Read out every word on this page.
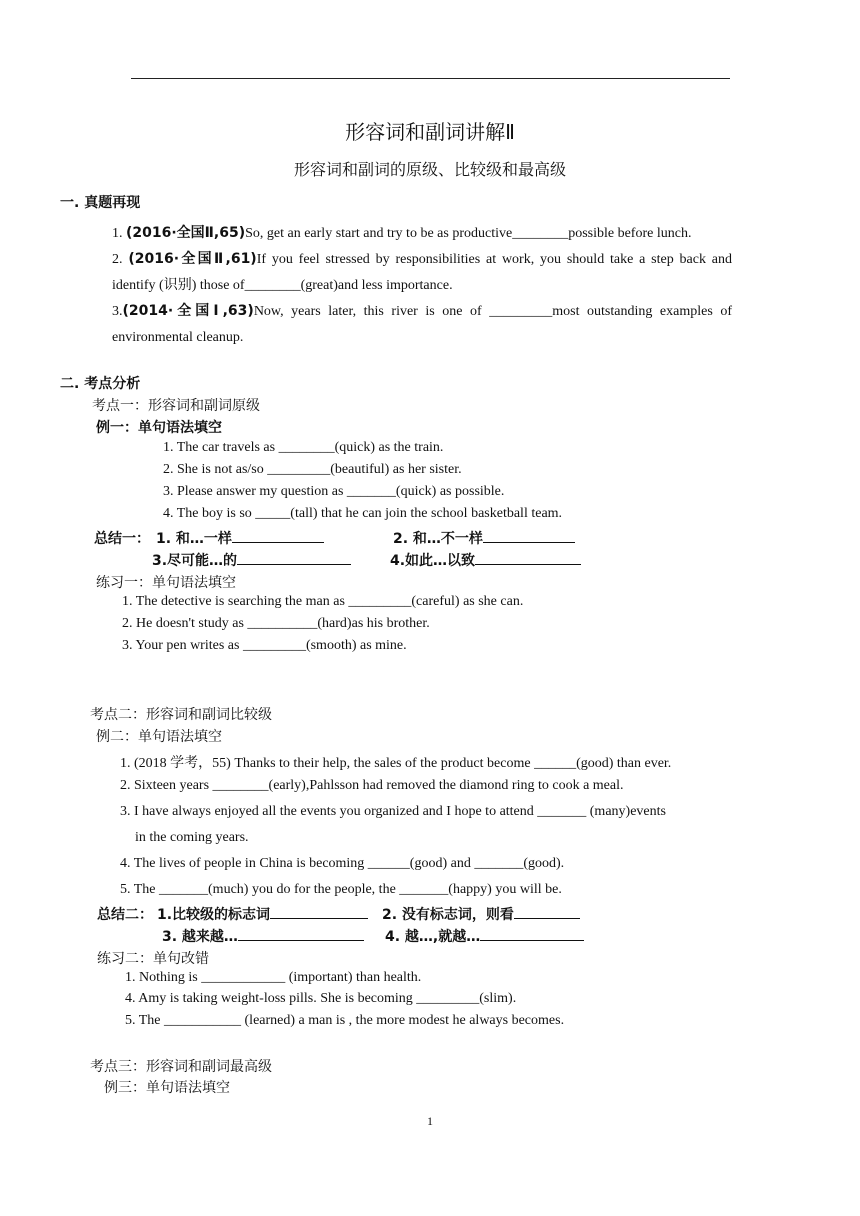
形容词和副词讲解Ⅱ
形容词和副词的原级、比较级和最高级
一. 真题再现
1. (2016·全国Ⅱ,65)So, get an early start and try to be as productive________possible before lunch.
2. (2016·全国Ⅱ,61)If you feel stressed by responsibilities at work, you should take a step back and identify (识别) those of________(great)and less importance.
3.(2014·全国Ⅰ,63)Now, years later, this river is one of _________most outstanding examples of environmental cleanup.
二. 考点分析
考点一：形容词和副词原级
例一：单句语法填空
1. The car travels as ________(quick) as the train.
2. She is not as/so _________(beautiful) as her sister.
3. Please answer my question as _______(quick) as possible.
4. The boy is so _____(tall) that he can join the school basketball team.
总结一： 1. 和…一样	2. 和…不一样
3.尽可能…的	4.如此…以致
练习一：单句语法填空
1. The detective is searching the man as _________(careful) as she can.
2. He doesn't study as __________(hard)as his brother.
3. Your pen writes as _________(smooth) as mine.
考点二：形容词和副词比较级
例二：单句语法填空
1. (2018 学考，55) Thanks to their help, the sales of the product become ______(good) than ever.
2. Sixteen years ________(early),Pahlsson had removed the diamond ring to cook a meal.
3. I have always enjoyed all the events you organized and I hope to attend _______ (many)events
in the coming years.
4. The lives of people in China is becoming ______(good) and _______(good).
5. The _______(much) you do for the people, the _______(happy) you will be.
总结二： 1.比较级的标志词	2. 没有标志词，则看
3. 越来越…	4. 越…,就越…
练习二：单句改错
1. Nothing is ____________ (important) than health.
4. Amy is taking weight-loss pills. She is becoming _________(slim).
5. The ___________ (learned) a man is , the more modest he always becomes.
考点三：形容词和副词最高级
例三：单句语法填空
1
